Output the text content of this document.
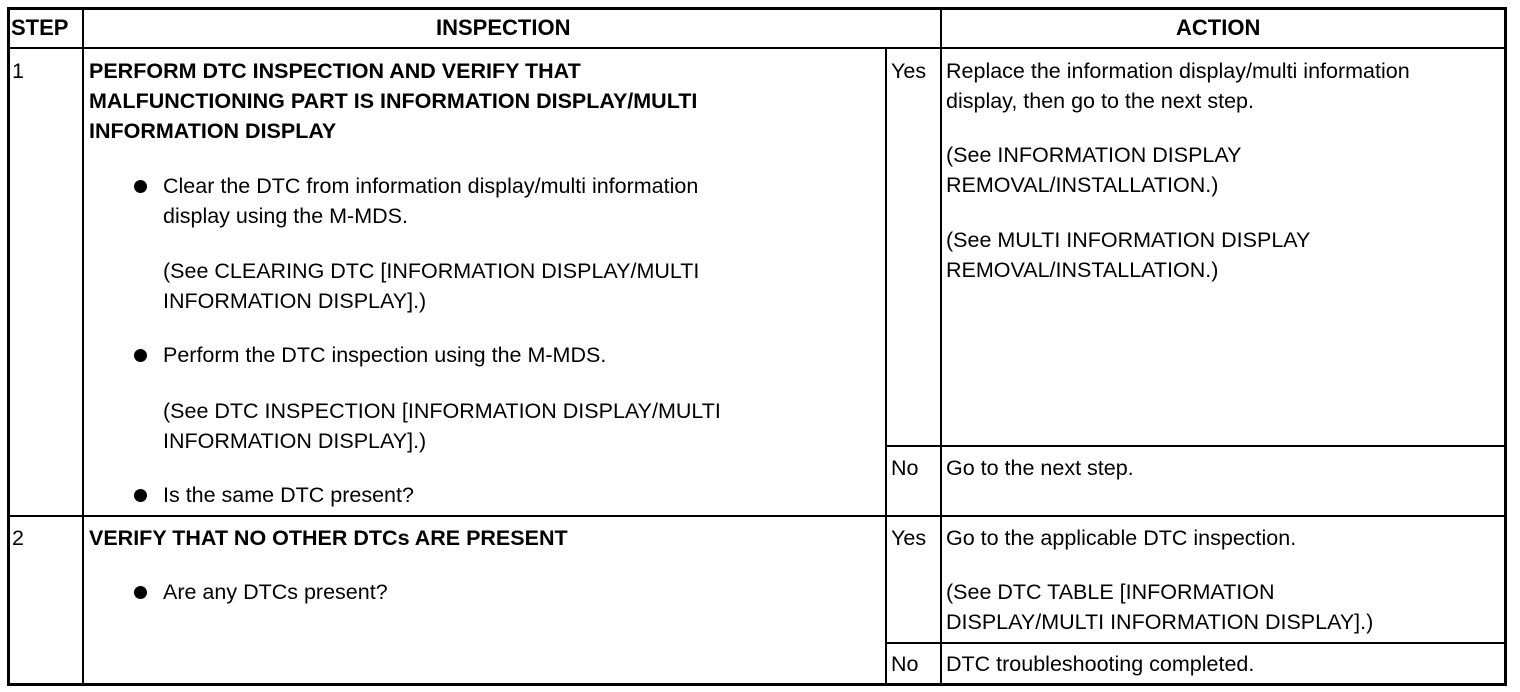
STEP	INSPECTION	ACTION
1	PERFORM DTC INSPECTION AND VERIFY THAT
MALFUNCTIONING PART IS INFORMATION DISPLAY/MULTI
INFORMATION DISPLAY
Clear the DTC from information display/multi information
display using the M-MDS.
(See CLEARING DTC [INFORMATION DISPLAY/MULTI
INFORMATION DISPLAY].)
Perform the DTC inspection using the M-MDS.
(See DTC INSPECTION [INFORMATION DISPLAY/MULTI
INFORMATION DISPLAY].)
Is the same DTC present?
Yes Replace the information display/multi information
display, then go to the next step.
(See INFORMATION DISPLAY
REMOVAL/INSTALLATION.)
(See MULTI INFORMATION DISPLAY
REMOVAL/INSTALLATION.)
No Go to the next step.
2	VERIFY THAT NO OTHER DTCs ARE PRESENT
Are any DTCs present?
Yes Go to the applicable DTC inspection.
(See DTC TABLE [INFORMATION
DISPLAY/MULTI INFORMATION DISPLAY].)
No DTC troubleshooting completed.
